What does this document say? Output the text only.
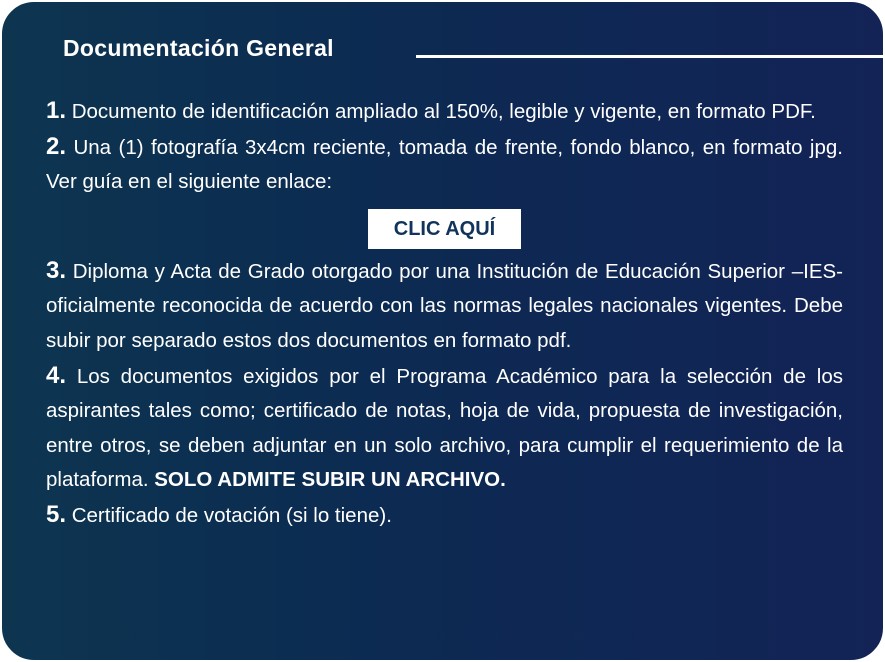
Documentación General

1. Documento de identificación ampliado al 150%, legible y vigente, en formato PDF.

2. Una (1) fotografía 3x4cm reciente, tomada de frente, fondo blanco, en formato jpg. Ver guía en el siguiente enlace:

CLIC AQUÍ

3. Diploma y Acta de Grado otorgado por una Institución de Educación Superior –IES- oficialmente reconocida de acuerdo con las normas legales nacionales vigentes. Debe subir por separado estos dos documentos en formato pdf.

4. Los documentos exigidos por el Programa Académico para la selección de los aspirantes tales como; certificado de notas, hoja de vida, propuesta de investigación, entre otros, se deben adjuntar en un solo archivo, para cumplir el requerimiento de la plataforma. SOLO ADMITE SUBIR UN ARCHIVO.

5. Certificado de votación (si lo tiene).
